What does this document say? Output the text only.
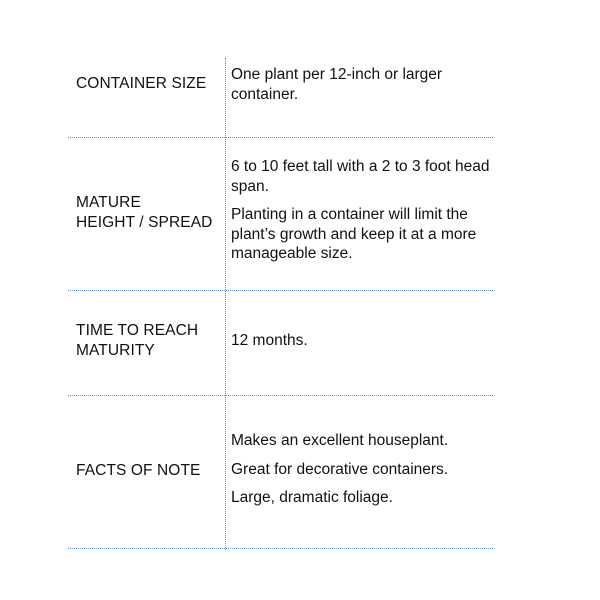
CONTAINER SIZE

One plant per 12-inch or larger container.

MATURE
HEIGHT / SPREAD

6 to 10 feet tall with a 2 to 3 foot head span.

Planting in a container will limit the plant’s growth and keep it at a more manageable size.

TIME TO REACH
MATURITY

12 months.

FACTS OF NOTE

Makes an excellent houseplant.

Great for decorative containers.

Large, dramatic foliage.
